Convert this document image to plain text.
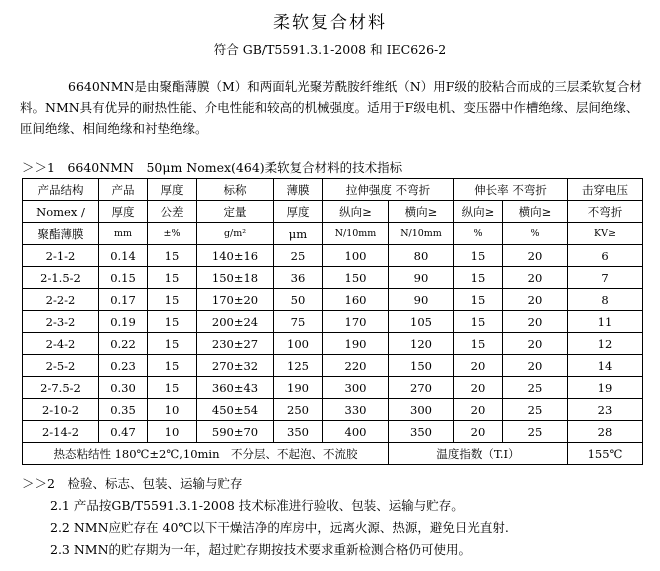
柔软复合材料
符合 GB/T5591.3.1-2008 和 IEC626-2

6640NMN是由聚酯薄膜（M）和两面轧光聚芳酰胺纤维纸（N）用F级的胶粘合而成的三层柔软复合材料。NMN具有优异的耐热性能、介电性能和较高的机械强度。适用于F级电机、变压器中作槽绝缘、层间绝缘、匝间绝缘、相间绝缘和衬垫绝缘。

＞＞1　6640NMN　50μm Nomex(464)柔软复合材料的技术指标
产品结构	产品	厚度	标称	薄膜	拉伸强度 不弯折		伸长率 不弯折		击穿电压
Nomex /	厚度	公差	定量	厚度	纵向≥	横向≥	纵向≥	横向≥	不弯折
聚酯薄膜	mm	±%	g/m²	μm	N/10mm	N/10mm	%	%	KV≥
2-1-2	0.14	15	140±16	25	100	80	15	20	6
2-1.5-2	0.15	15	150±18	36	150	90	15	20	7
2-2-2	0.17	15	170±20	50	160	90	15	20	8
2-3-2	0.19	15	200±24	75	170	105	15	20	11
2-4-2	0.22	15	230±27	100	190	120	15	20	12
2-5-2	0.23	15	270±32	125	220	150	20	20	14
2-7.5-2	0.30	15	360±43	190	300	270	20	25	19
2-10-2	0.35	10	450±54	250	330	300	20	25	23
2-14-2	0.47	10	590±70	350	400	350	20	25	28
热态粘结性 180℃±2℃,10min　不分层、不起泡、不流胶						温度指数（T.I）			155℃
＞＞2　检验、标志、包装、运输与贮存
2.1 产品按GB/T5591.3.1-2008 技术标准进行验收、包装、运输与贮存。
2.2 NMN应贮存在 40℃以下干燥洁净的库房中，远离火源、热源，避免日光直射.
2.3 NMN的贮存期为一年，超过贮存期按技术要求重新检测合格仍可使用。
